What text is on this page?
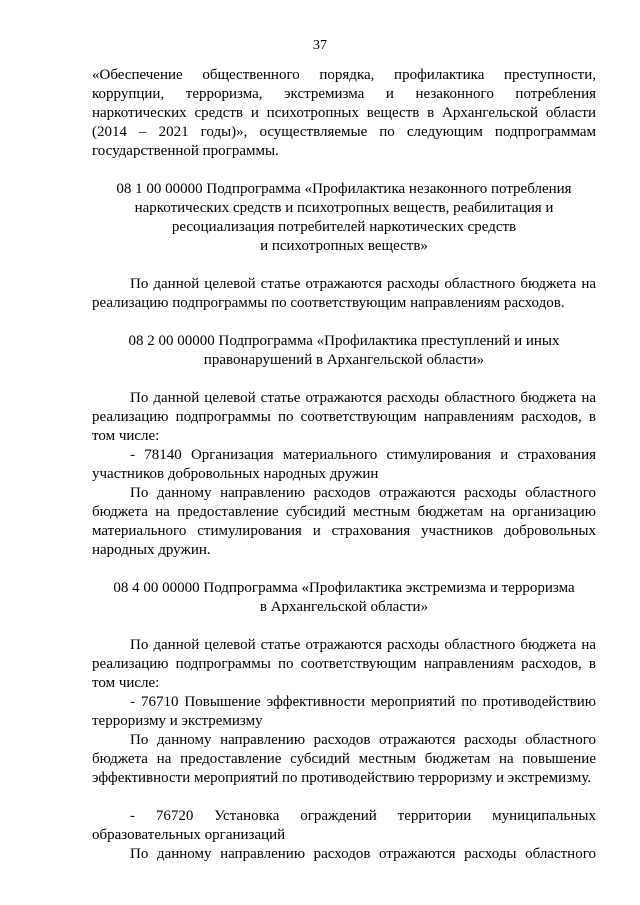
37

«Обеспечение общественного порядка, профилактика преступности, коррупции, терроризма, экстремизма и незаконного потребления наркотических средств и психотропных веществ в Архангельской области (2014 – 2021 годы)», осуществляемые по следующим подпрограммам государственной программы.

08 1 00 00000 Подпрограмма «Профилактика незаконного потребления
наркотических средств и психотропных веществ, реабилитация и
ресоциализация потребителей наркотических средств
и психотропных веществ»

По данной целевой статье отражаются расходы областного бюджета на реализацию подпрограммы по соответствующим направлениям расходов.

08 2 00 00000 Подпрограмма «Профилактика преступлений и иных
правонарушений в Архангельской области»

По данной целевой статье отражаются расходы областного бюджета на реализацию подпрограммы по соответствующим направлениям расходов, в том числе:

- 78140 Организация материального стимулирования и страхования участников добровольных народных дружин

По данному направлению расходов отражаются расходы областного бюджета на предоставление субсидий местным бюджетам на организацию материального стимулирования и страхования участников добровольных народных дружин.

08 4 00 00000 Подпрограмма «Профилактика экстремизма и терроризма
в Архангельской области»

По данной целевой статье отражаются расходы областного бюджета на реализацию подпрограммы по соответствующим направлениям расходов, в том числе:

- 76710 Повышение эффективности мероприятий по противодействию терроризму и экстремизму

По данному направлению расходов отражаются расходы областного бюджета на предоставление субсидий местным бюджетам на повышение эффективности мероприятий по противодействию терроризму и экстремизму.

- 76720 Установка ограждений территории муниципальных образовательных организаций

По данному направлению расходов отражаются расходы областного
